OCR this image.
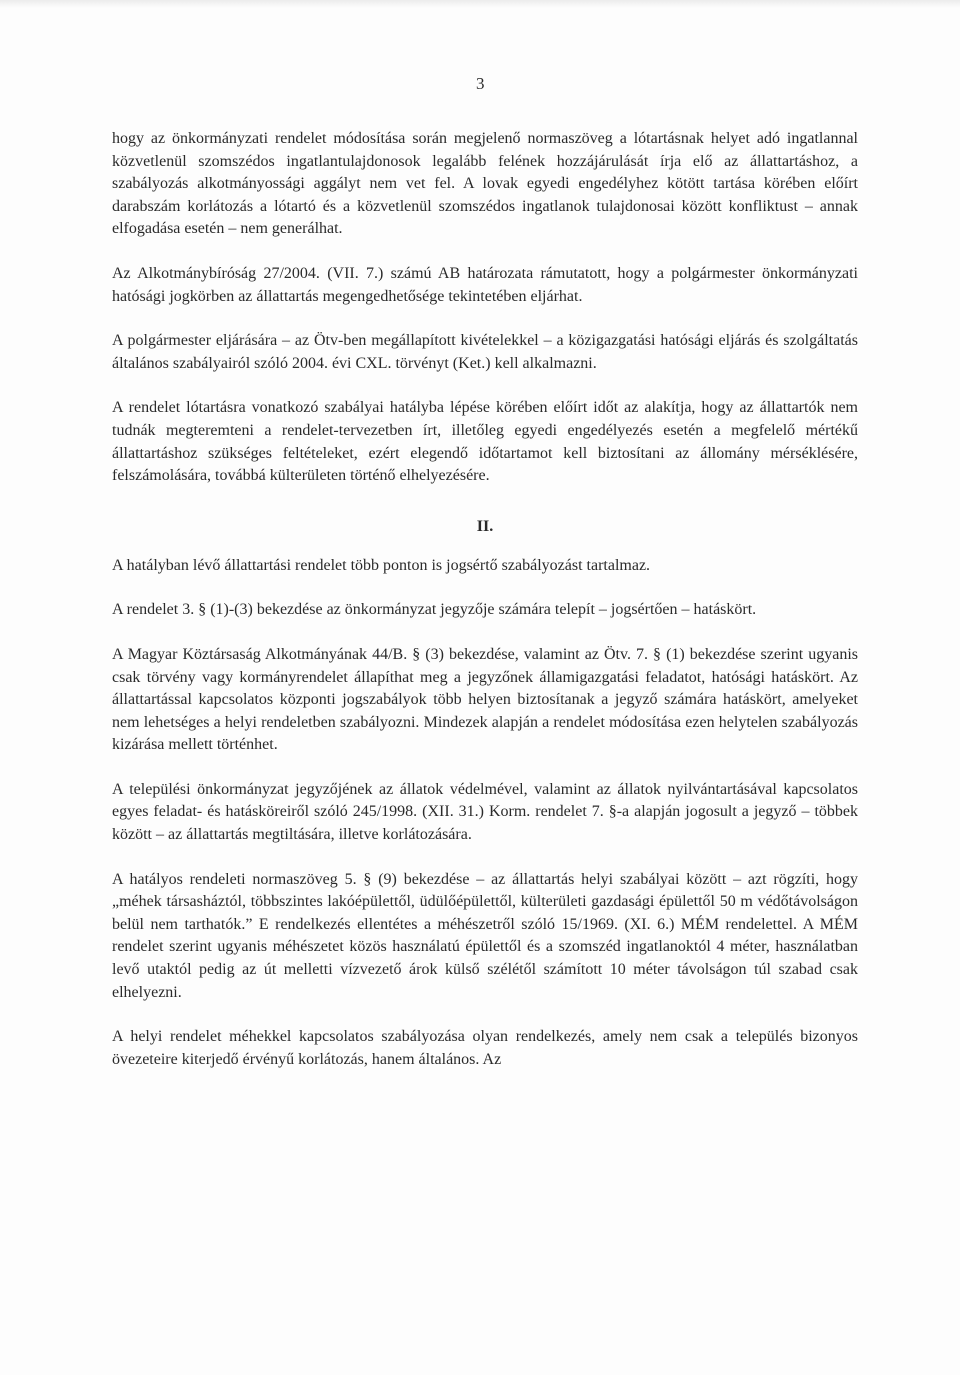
3

hogy az önkormányzati rendelet módosítása során megjelenő normaszöveg a lótartásnak helyet adó ingatlannal közvetlenül szomszédos ingatlantulajdonosok legalább felének hozzájárulását írja elő az állattartáshoz, a szabályozás alkotmányossági aggályt nem vet fel. A lovak egyedi engedélyhez kötött tartása körében előírt darabszám korlátozás a lótartó és a közvetlenül szomszédos ingatlanok tulajdonosai között konfliktust – annak elfogadása esetén – nem generálhat.

Az Alkotmánybíróság 27/2004. (VII. 7.) számú AB határozata rámutatott, hogy a polgármester önkormányzati hatósági jogkörben az állattartás megengedhetősége tekintetében eljárhat.

A polgármester eljárására – az Ötv-ben megállapított kivételekkel – a közigazgatási hatósági eljárás és szolgáltatás általános szabályairól szóló 2004. évi CXL. törvényt (Ket.) kell alkalmazni.

A rendelet lótartásra vonatkozó szabályai hatályba lépése körében előírt időt az alakítja, hogy az állattartók nem tudnák megteremteni a rendelet-tervezetben írt, illetőleg egyedi engedélyezés esetén a megfelelő mértékű állattartáshoz szükséges feltételeket, ezért elegendő időtartamot kell biztosítani az állomány mérséklésére, felszámolására, továbbá külterületen történő elhelyezésére.

II.

A hatályban lévő állattartási rendelet több ponton is jogsértő szabályozást tartalmaz.

A rendelet 3. § (1)-(3) bekezdése az önkormányzat jegyzője számára telepít – jogsértően – hatáskört.

A Magyar Köztársaság Alkotmányának 44/B. § (3) bekezdése, valamint az Ötv. 7. § (1) bekezdése szerint ugyanis csak törvény vagy kormányrendelet állapíthat meg a jegyzőnek államigazgatási feladatot, hatósági hatáskört. Az állattartással kapcsolatos központi jogszabályok több helyen biztosítanak a jegyző számára hatáskört, amelyeket nem lehetséges a helyi rendeletben szabályozni. Mindezek alapján a rendelet módosítása ezen helytelen szabályozás kizárása mellett történhet.

A települési önkormányzat jegyzőjének az állatok védelmével, valamint az állatok nyilvántartásával kapcsolatos egyes feladat- és hatásköreiről szóló 245/1998. (XII. 31.) Korm. rendelet 7. §-a alapján jogosult a jegyző – többek között – az állattartás megtiltására, illetve korlátozására.

A hatályos rendeleti normaszöveg 5. § (9) bekezdése – az állattartás helyi szabályai között – azt rögzíti, hogy „méhek társasháztól, többszintes lakóépülettől, üdülőépülettől, külterületi gazdasági épülettől 50 m védőtávolságon belül nem tarthatók.” E rendelkezés ellentétes a méhészetről szóló 15/1969. (XI. 6.) MÉM rendelettel. A MÉM rendelet szerint ugyanis méhészetet közös használatú épülettől és a szomszéd ingatlanoktól 4 méter, használatban levő utaktól pedig az út melletti vízvezető árok külső szélétől számított 10 méter távolságon túl szabad csak elhelyezni.

A helyi rendelet méhekkel kapcsolatos szabályozása olyan rendelkezés, amely nem csak a település bizonyos övezeteire kiterjedő érvényű korlátozás, hanem általános. Az
